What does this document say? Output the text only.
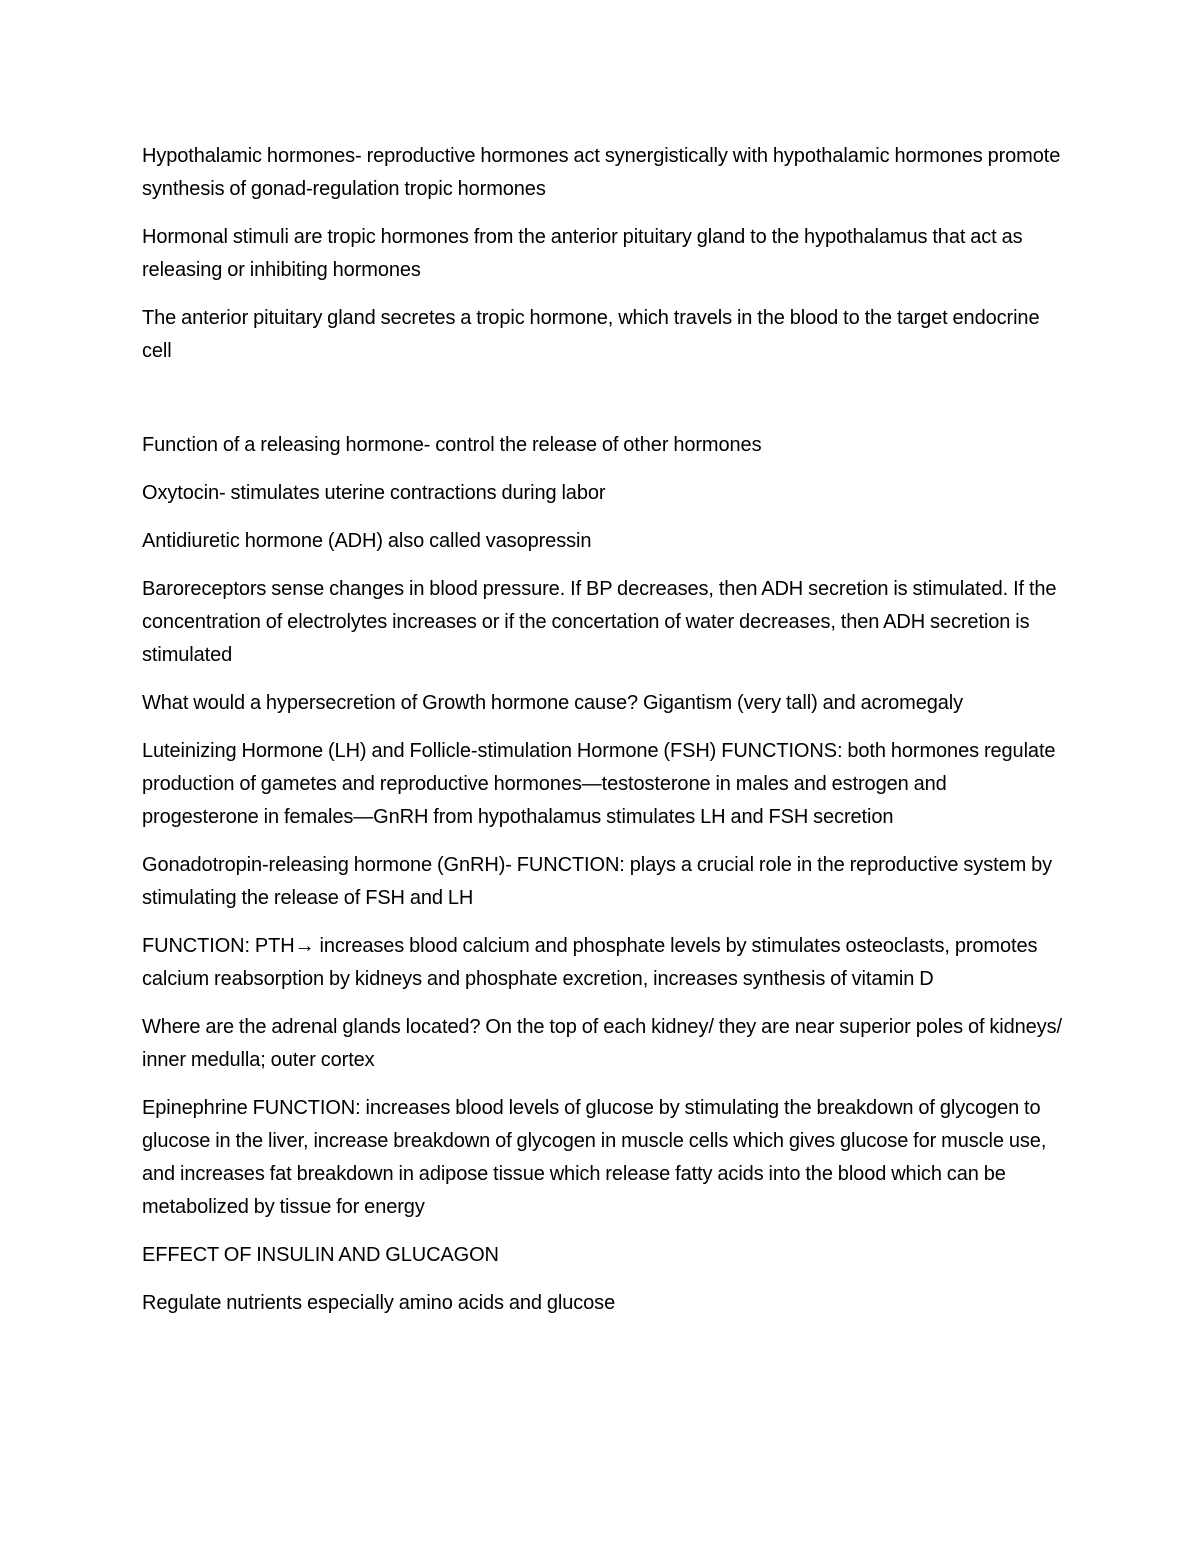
Hypothalamic hormones- reproductive hormones act synergistically with hypothalamic hormones promote synthesis of gonad-regulation tropic hormones

Hormonal stimuli are tropic hormones from the anterior pituitary gland to the hypothalamus that act as releasing or inhibiting hormones

The anterior pituitary gland secretes a tropic hormone, which travels in the blood to the target endocrine cell

Function of a releasing hormone- control the release of other hormones

Oxytocin- stimulates uterine contractions during labor

Antidiuretic hormone (ADH) also called vasopressin

Baroreceptors sense changes in blood pressure. If BP decreases, then ADH secretion is stimulated. If the concentration of electrolytes increases or if the concertation of water decreases, then ADH secretion is stimulated

What would a hypersecretion of Growth hormone cause? Gigantism (very tall) and acromegaly

Luteinizing Hormone (LH) and Follicle-stimulation Hormone (FSH) FUNCTIONS: both hormones regulate production of gametes and reproductive hormones—testosterone in males and estrogen and progesterone in females—GnRH from hypothalamus stimulates LH and FSH secretion

Gonadotropin-releasing hormone (GnRH)- FUNCTION: plays a crucial role in the reproductive system by stimulating the release of FSH and LH

FUNCTION: PTH→ increases blood calcium and phosphate levels by stimulates osteoclasts, promotes calcium reabsorption by kidneys and phosphate excretion, increases synthesis of vitamin D

Where are the adrenal glands located? On the top of each kidney/ they are near superior poles of kidneys/ inner medulla; outer cortex

Epinephrine FUNCTION: increases blood levels of glucose by stimulating the breakdown of glycogen to glucose in the liver, increase breakdown of glycogen in muscle cells which gives glucose for muscle use, and increases fat breakdown in adipose tissue which release fatty acids into the blood which can be metabolized by tissue for energy

EFFECT OF INSULIN AND GLUCAGON

Regulate nutrients especially amino acids and glucose
